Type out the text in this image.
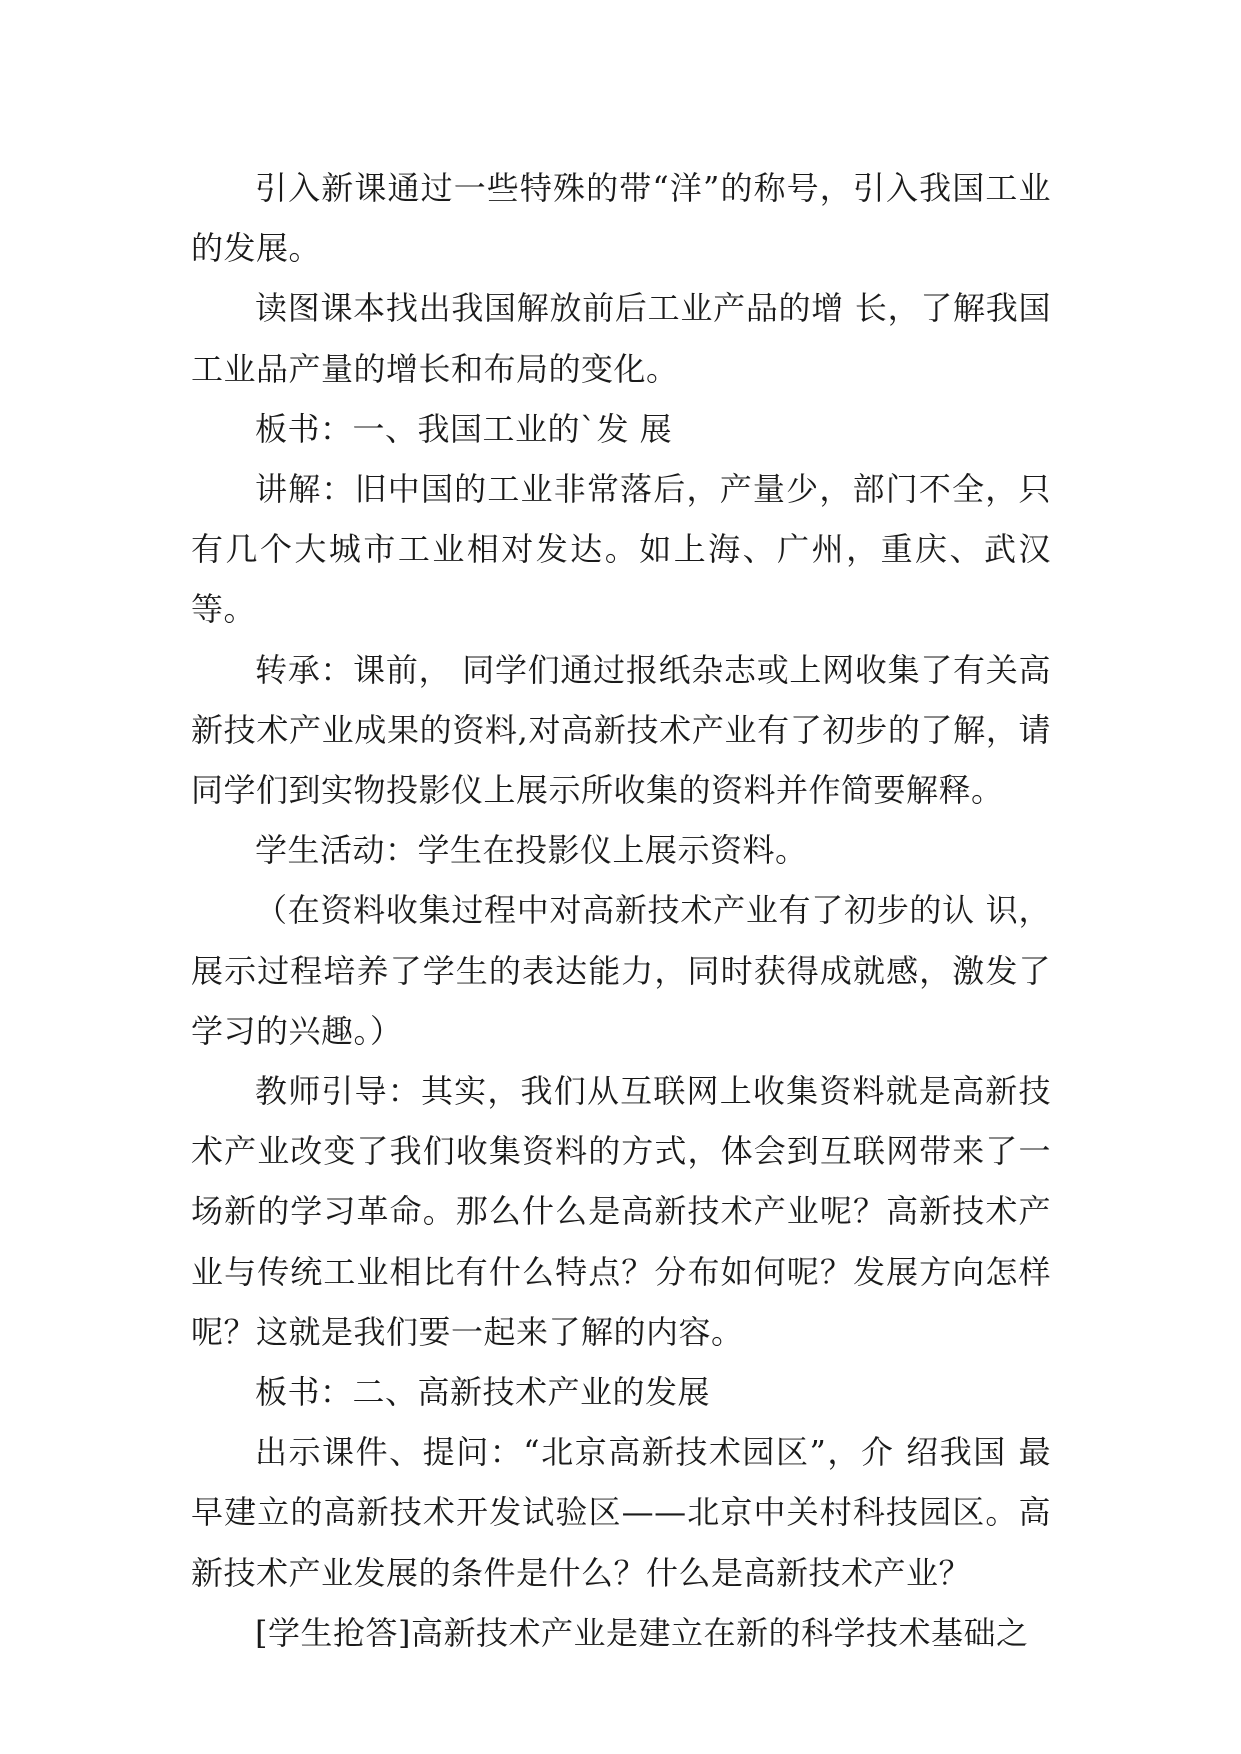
引入新课通过一些特殊的带“洋”的称号，引入我国工业的发展。

读图课本找出我国解放前后工业产品的增 长，了解我国工业品产量的增长和布局的变化。

板书：一、我国工业的`发 展

讲解：旧中国的工业非常落后，产量少，部门不全，只有几个大城市工业相对发达。如上海、广州，重庆、武汉等。

转承：课前， 同学们通过报纸杂志或上网收集了有关高新技术产业成果的资料,对高新技术产业有了初步的了解，请同学们到实物投影仪上展示所收集的资料并作简要解释。

学生活动：学生在投影仪上展示资料。

（在资料收集过程中对高新技术产业有了初步的认 识，展示过程培养了学生的表达能力，同时获得成就感，激发了学习的兴趣。）

教师引导：其实，我们从互联网上收集资料就是高新技术产业改变了我们收集资料的方式，体会到互联网带来了一场新的学习革命。那么什么是高新技术产业呢？高新技术产业与传统工业相比有什么特点？分布如何呢？发展方向怎样呢？这就是我们要一起来了解的内容。

板书：二、高新技术产业的发展

出示课件、提问：“北京高新技术园区”，介 绍我国 最早建立的高新技术开发试验区——北京中关村科技园区。高新技术产业发展的条件是什么？什么是高新技术产业？

[学生抢答]高新技术产业是建立在新的科学技术基础之
